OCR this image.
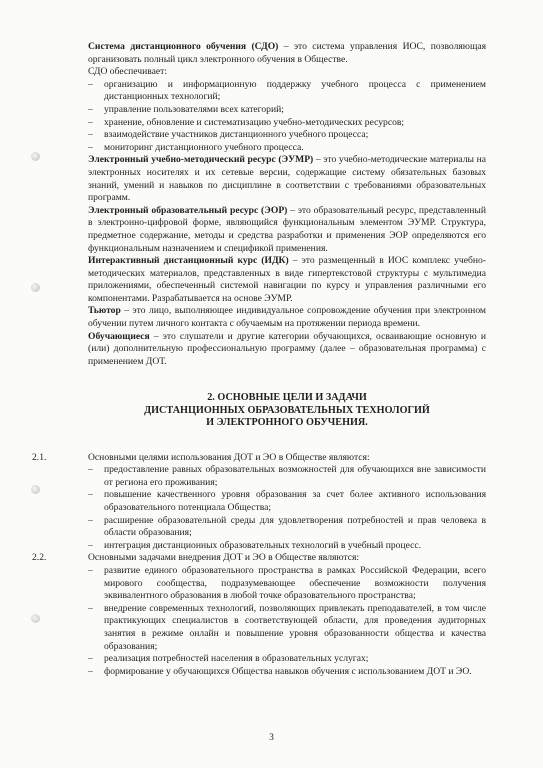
Система дистанционного обучения (СДО) – это система управления ИОС, позволяющая организовать полный цикл электронного обучения в Обществе.

СДО обеспечивает:

– организацию и информационную поддержку учебного процесса с применением дистанционных технологий;

– управление пользователями всех категорий;

– хранение, обновление и систематизацию учебно-методических ресурсов;

– взаимодействие участников дистанционного учебного процесса;

– мониторинг дистанционного учебного процесса.

Электронный учебно-методический ресурс (ЭУМР) – это учебно-методические материалы на электронных носителях и их сетевые версии, содержащие систему обязательных базовых знаний, умений и навыков по дисциплине в соответствии с требованиями образовательных программ.

Электронный образовательный ресурс (ЭОР) – это образовательный ресурс, представленный в электронно-цифровой форме, являющийся функциональным элементом ЭУМР. Структура, предметное содержание, методы и средства разработки и применения ЭОР определяются его функциональным назначением и спецификой применения.

Интерактивный дистанционный курс (ИДК) – это размещенный в ИОС комплекс учебно-методических материалов, представленных в виде гипертекстовой структуры с мультимедиа приложениями, обеспеченный системой навигации по курсу и управления различными его компонентами. Разрабатывается на основе ЭУМР.

Тьютор – это лицо, выполняющее индивидуальное сопровождение обучения при электронном обучении путем личного контакта с обучаемым на протяжении периода времени.

Обучающиеся – это слушатели и другие категории обучающихся, осваивающие основную и (или) дополнительную профессиональную программу (далее – образовательная программа) с применением ДОТ.

2. ОСНОВНЫЕ ЦЕЛИ И ЗАДАЧИ
ДИСТАНЦИОННЫХ ОБРАЗОВАТЕЛЬНЫХ ТЕХНОЛОГИЙ
И ЭЛЕКТРОННОГО ОБУЧЕНИЯ.
2.1.	Основными целями использования ДОТ и ЭО в Обществе являются:

– предоставление равных образовательных возможностей для обучающихся вне зависимости от региона его проживания;

– повышение качественного уровня образования за счет более активного использования образовательного потенциала Общества;

– расширение образовательной среды для удовлетворения потребностей и прав человека в области образования;

– интеграция дистанционных образовательных технологий в учебный процесс.

2.2.	Основными задачами внедрения ДОТ и ЭО в Обществе являются:

– развитие единого образовательного пространства в рамках Российской Федерации, всего мирового сообщества, подразумевающее обеспечение возможности получения эквивалентного образования в любой точке образовательного пространства;

– внедрение современных технологий, позволяющих привлекать преподавателей, в том числе практикующих специалистов в соответствующей области, для проведения аудиторных занятия в режиме онлайн и повышение уровня образованности общества и качества образования;

– реализация потребностей населения в образовательных услугах;

– формирование у обучающихся Общества навыков обучения с использованием ДОТ и ЭО.

3
